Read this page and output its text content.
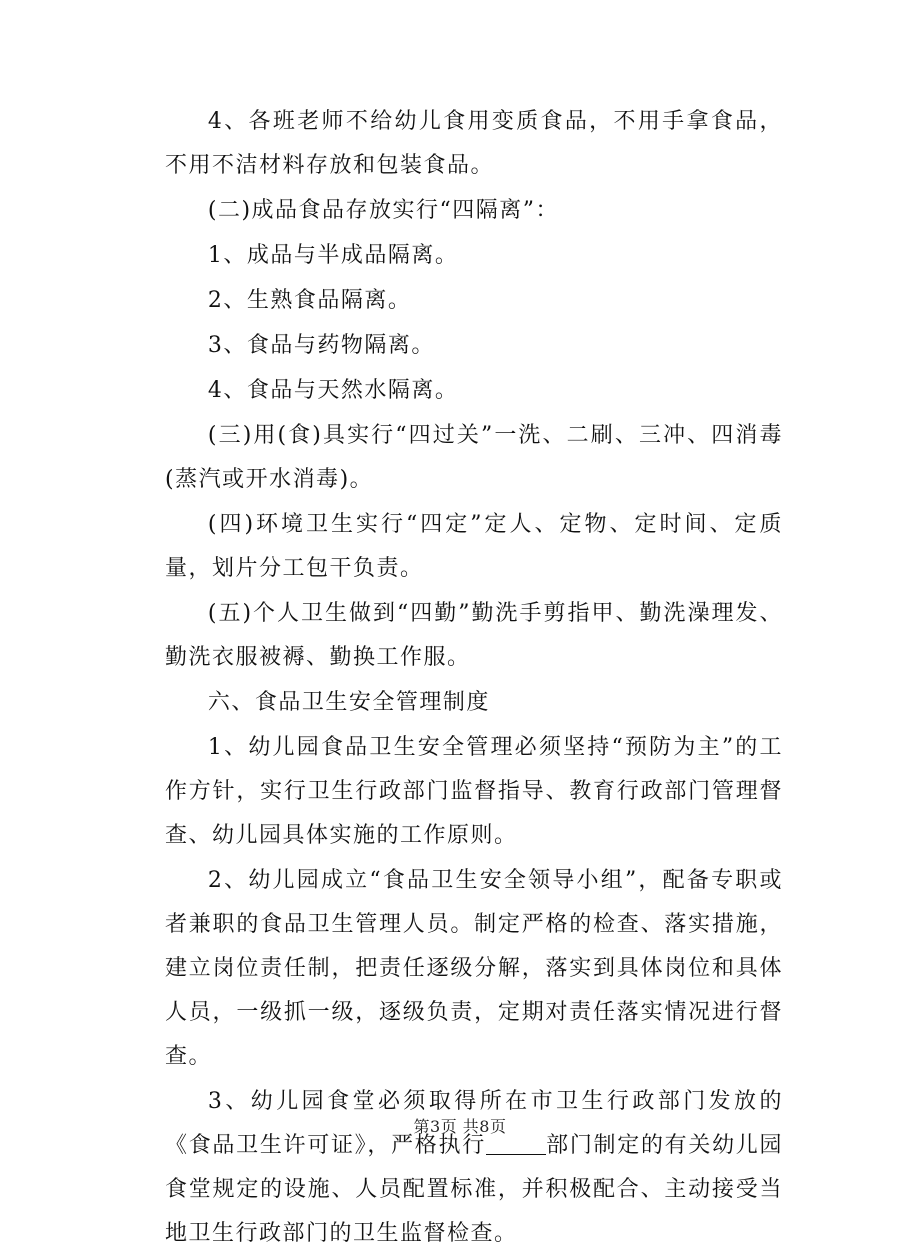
4、各班老师不给幼儿食用变质食品，不用手拿食品，不用不洁材料存放和包装食品。

(二)成品食品存放实行“四隔离”：

1、成品与半成品隔离。

2、生熟食品隔离。

3、食品与药物隔离。

4、食品与天然水隔离。

(三)用(食)具实行“四过关”一洗、二刷、三冲、四消毒(蒸汽或开水消毒)。

(四)环境卫生实行“四定”定人、定物、定时间、定质量，划片分工包干负责。

(五)个人卫生做到“四勤”勤洗手剪指甲、勤洗澡理发、勤洗衣服被褥、勤换工作服。

六、食品卫生安全管理制度

1、幼儿园食品卫生安全管理必须坚持“预防为主”的工作方针，实行卫生行政部门监督指导、教育行政部门管理督查、幼儿园具体实施的工作原则。

2、幼儿园成立“食品卫生安全领导小组”，配备专职或者兼职的食品卫生管理人员。制定严格的检查、落实措施，建立岗位责任制，把责任逐级分解，落实到具体岗位和具体人员，一级抓一级，逐级负责，定期对责任落实情况进行督查。

3、幼儿园食堂必须取得所在市卫生行政部门发放的《食品卫生许可证》，严格执行	部门制定的有关幼儿园食堂规定的设施、人员配置标准，并积极配合、主动接受当地卫生行政部门的卫生监督检查。

第3页 共8页
